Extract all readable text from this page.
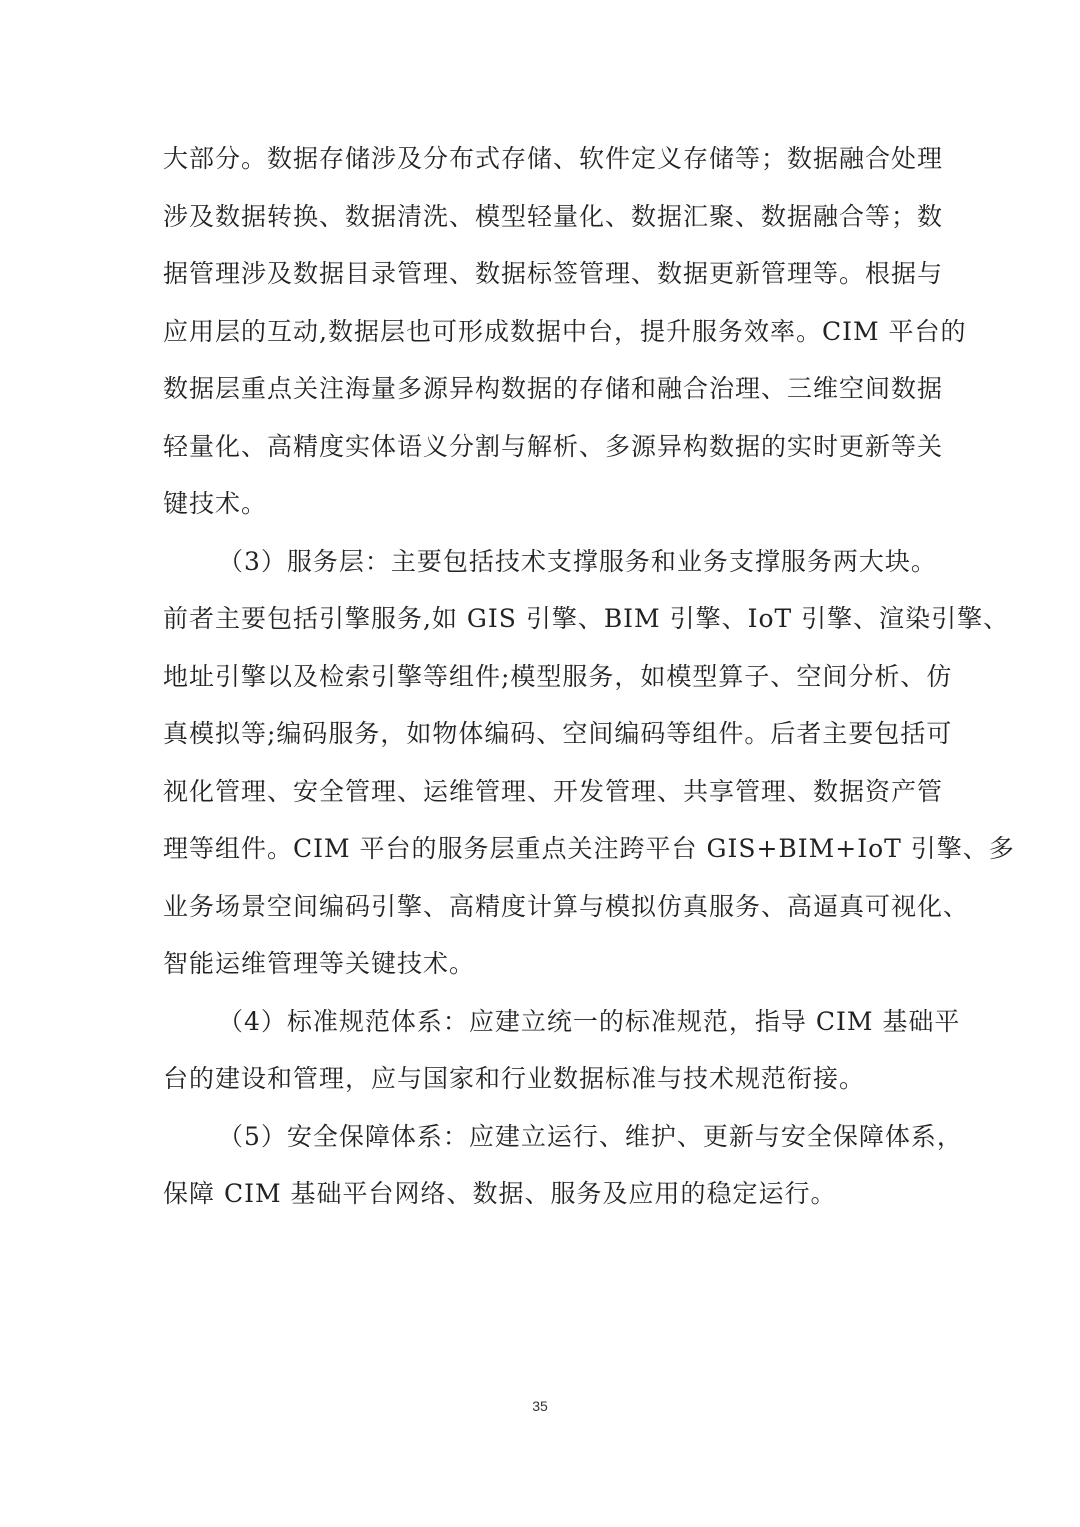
大部分。数据存储涉及分布式存储、软件定义存储等；数据融合处理
涉及数据转换、数据清洗、模型轻量化、数据汇聚、数据融合等；数
据管理涉及数据目录管理、数据标签管理、数据更新管理等。根据与
应用层的互动,数据层也可形成数据中台，提升服务效率。CIM 平台的
数据层重点关注海量多源异构数据的存储和融合治理、三维空间数据
轻量化、高精度实体语义分割与解析、多源异构数据的实时更新等关
键技术。
（3）服务层：主要包括技术支撑服务和业务支撑服务两大块。
前者主要包括引擎服务,如 GIS 引擎、BIM 引擎、IoT 引擎、渲染引擎、
地址引擎以及检索引擎等组件;模型服务，如模型算子、空间分析、仿
真模拟等;编码服务，如物体编码、空间编码等组件。后者主要包括可
视化管理、安全管理、运维管理、开发管理、共享管理、数据资产管
理等组件。CIM 平台的服务层重点关注跨平台 GIS+BIM+IoT 引擎、多
业务场景空间编码引擎、高精度计算与模拟仿真服务、高逼真可视化、
智能运维管理等关键技术。
（4）标准规范体系：应建立统一的标准规范，指导 CIM 基础平
台的建设和管理，应与国家和行业数据标准与技术规范衔接。
（5）安全保障体系：应建立运行、维护、更新与安全保障体系，
保障 CIM 基础平台网络、数据、服务及应用的稳定运行。
35
